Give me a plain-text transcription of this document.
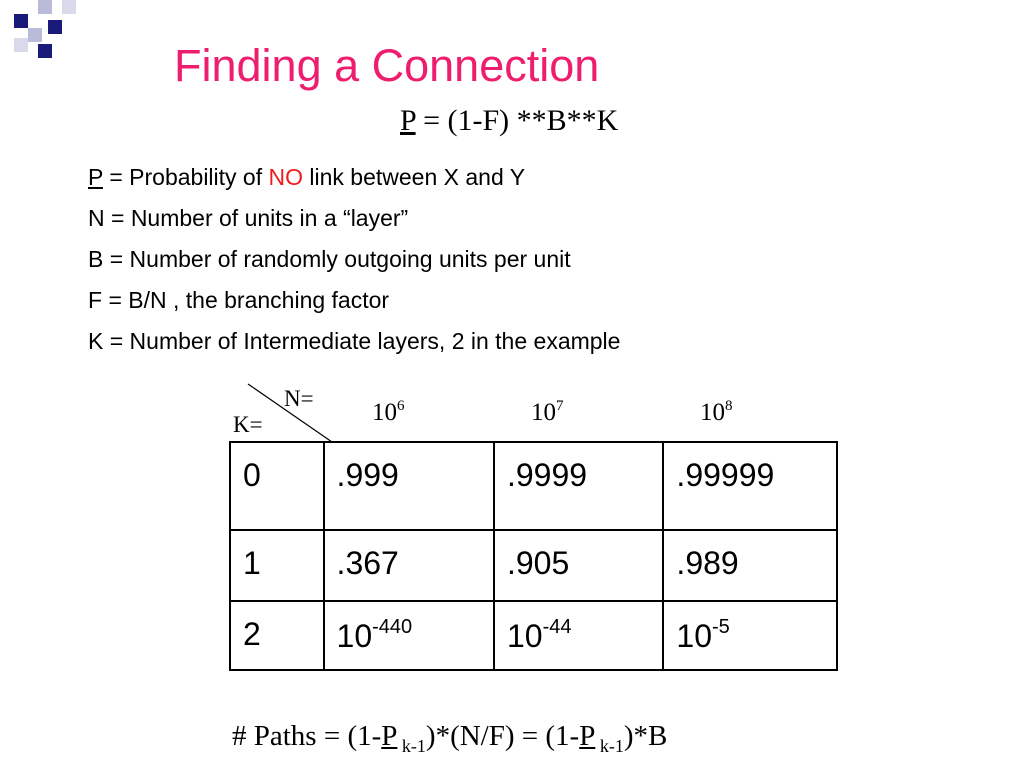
Finding a Connection
P = (1-F) **B**K
P = Probability of NO link between X and Y
N = Number of units in a “layer”
B = Number of randomly outgoing units per unit
F = B/N , the branching factor
K = Number of Intermediate layers, 2 in the example
N=
K=	$10^6$	$10^7$	$10^8$
0	.999	.9999	.99999
1	.367	.905	.989
2	$10^{-440}$	$10^{-44}$	$10^{-5}$
# Paths = (1-P $_{k-1}$)*(N/F) = (1-P $_{k-1}$)*B
